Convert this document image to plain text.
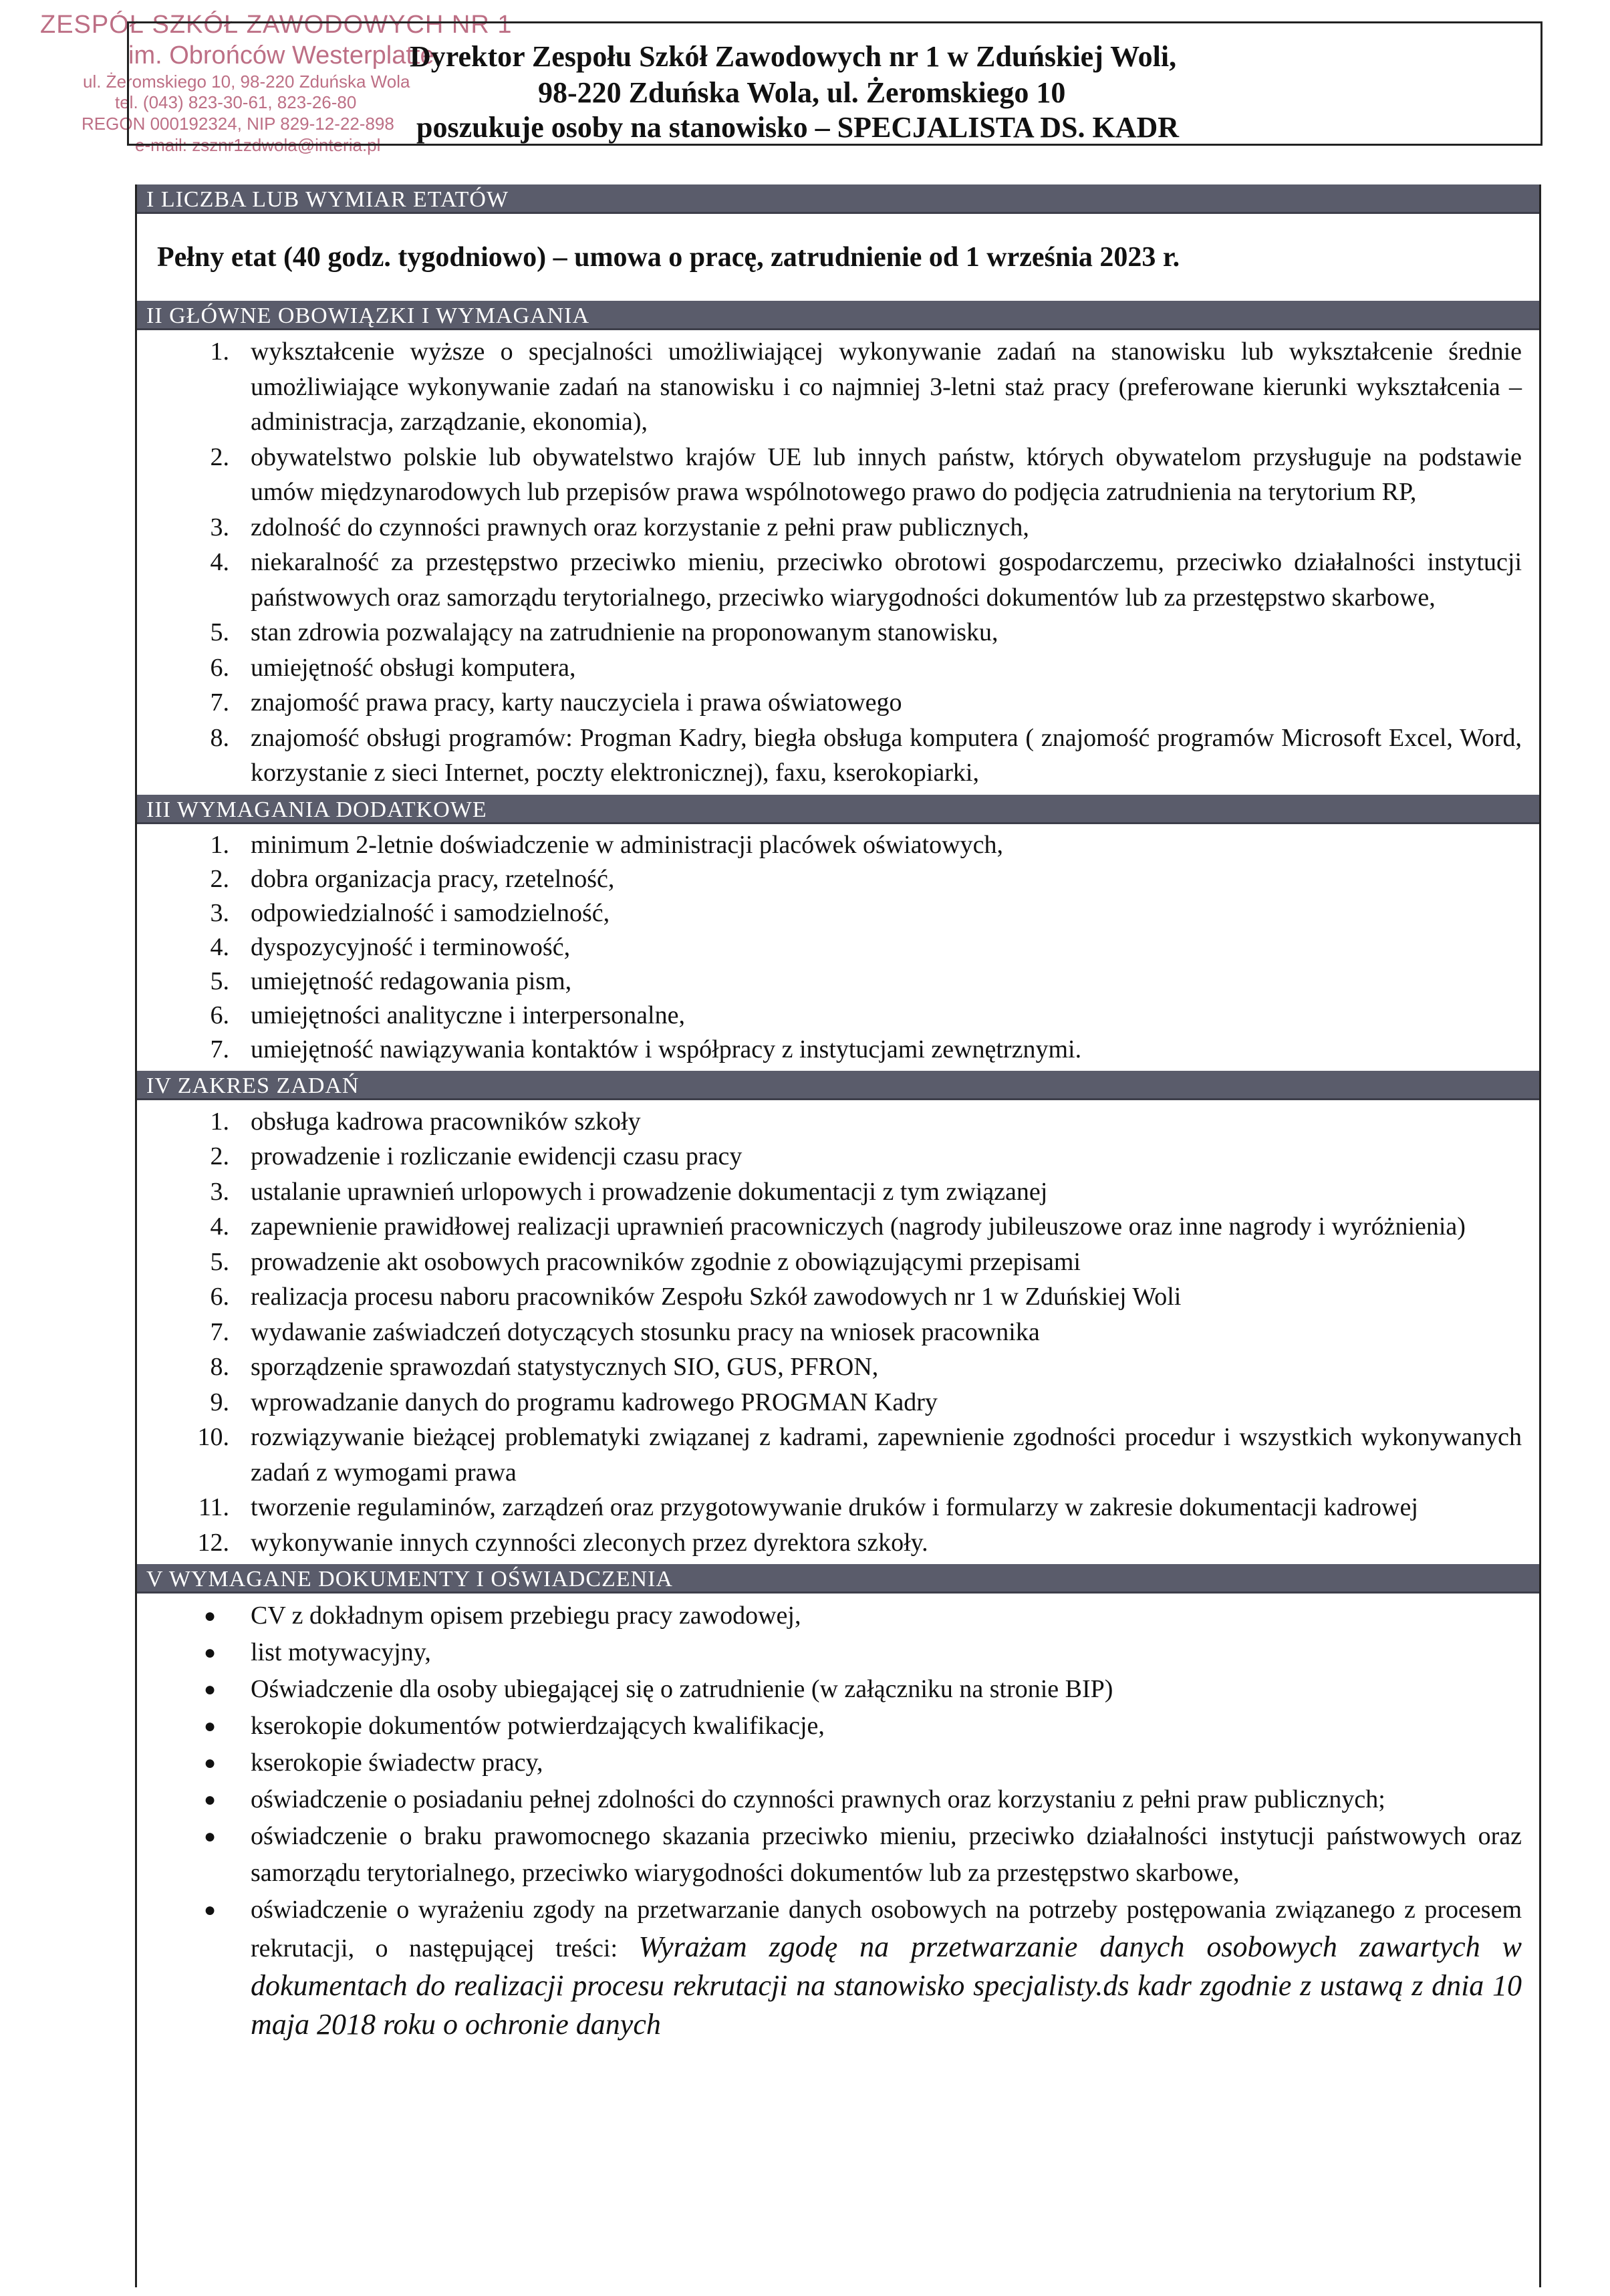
ZESPÓŁ SZKÓŁ ZAWODOWYCH NR 1
im. Obrońców Westerplatte
ul. Żeromskiego 10, 98-220 Zduńska Wola
tel. (043) 823-30-61, 823-26-80
REGON 000192324, NIP 829-12-22-898
e-mail: zsznr1zdwola@interia.pl
Dyrektor Zespołu Szkół Zawodowych nr 1 w Zduńskiej Woli,
98-220 Zduńska Wola, ul. Żeromskiego 10
poszukuje osoby na stanowisko – SPECJALISTA DS. KADR
I LICZBA LUB WYMIAR ETATÓW
Pełny etat (40 godz. tygodniowo) – umowa o pracę, zatrudnienie od 1 września 2023 r.
II GŁÓWNE OBOWIĄZKI I WYMAGANIA
1. wykształcenie wyższe o specjalności umożliwiającej wykonywanie zadań na stanowisku lub wykształcenie średnie umożliwiające wykonywanie zadań na stanowisku i co najmniej 3-letni staż pracy (preferowane kierunki wykształcenia – administracja, zarządzanie, ekonomia),
2. obywatelstwo polskie lub obywatelstwo krajów UE lub innych państw, których obywatelom przysługuje na podstawie umów międzynarodowych lub przepisów prawa wspólnotowego prawo do podjęcia zatrudnienia na terytorium RP,
3. zdolność do czynności prawnych oraz korzystanie z pełni praw publicznych,
4. niekaralność za przestępstwo przeciwko mieniu, przeciwko obrotowi gospodarczemu, przeciwko działalności instytucji państwowych oraz samorządu terytorialnego, przeciwko wiarygodności dokumentów lub za przestępstwo skarbowe,
5. stan zdrowia pozwalający na zatrudnienie na proponowanym stanowisku,
6. umiejętność obsługi komputera,
7. znajomość prawa pracy, karty nauczyciela i prawa oświatowego
8. znajomość obsługi programów: Progman Kadry, biegła obsługa komputera ( znajomość programów Microsoft Excel, Word, korzystanie z sieci Internet, poczty elektronicznej), faxu, kserokopiarki,
III WYMAGANIA DODATKOWE
1. minimum 2-letnie doświadczenie w administracji placówek oświatowych,
2. dobra organizacja pracy, rzetelność,
3. odpowiedzialność i samodzielność,
4. dyspozycyjność i terminowość,
5. umiejętność redagowania pism,
6. umiejętności analityczne i interpersonalne,
7. umiejętność nawiązywania kontaktów i współpracy z instytucjami zewnętrznymi.
IV ZAKRES ZADAŃ
1. obsługa kadrowa pracowników szkoły
2. prowadzenie i rozliczanie ewidencji czasu pracy
3. ustalanie uprawnień urlopowych i prowadzenie dokumentacji z tym związanej
4. zapewnienie prawidłowej realizacji uprawnień pracowniczych (nagrody jubileuszowe oraz inne nagrody i wyróżnienia)
5. prowadzenie akt osobowych pracowników zgodnie z obowiązującymi przepisami
6. realizacja procesu naboru pracowników Zespołu Szkół zawodowych nr 1 w Zduńskiej Woli
7. wydawanie zaświadczeń dotyczących stosunku pracy na wniosek pracownika
8. sporządzenie sprawozdań statystycznych SIO, GUS, PFRON,
9. wprowadzanie danych do programu kadrowego PROGMAN Kadry
10. rozwiązywanie bieżącej problematyki związanej z kadrami, zapewnienie zgodności procedur i wszystkich wykonywanych zadań z wymogami prawa
11. tworzenie regulaminów, zarządzeń oraz przygotowywanie druków i formularzy w zakresie dokumentacji kadrowej
12. wykonywanie innych czynności zleconych przez dyrektora szkoły.
V WYMAGANE DOKUMENTY I OŚWIADCZENIA
● CV z dokładnym opisem przebiegu pracy zawodowej,
● list motywacyjny,
● Oświadczenie dla osoby ubiegającej się o zatrudnienie (w załączniku na stronie BIP)
● kserokopie dokumentów potwierdzających kwalifikacje,
● kserokopie świadectw pracy,
● oświadczenie o posiadaniu pełnej zdolności do czynności prawnych oraz korzystaniu z pełni praw publicznych;
● oświadczenie o braku prawomocnego skazania przeciwko mieniu, przeciwko działalności instytucji państwowych oraz samorządu terytorialnego, przeciwko wiarygodności dokumentów lub za przestępstwo skarbowe,
● oświadczenie o wyrażeniu zgody na przetwarzanie danych osobowych na potrzeby postępowania związanego z procesem rekrutacji, o następującej treści: Wyrażam zgodę na przetwarzanie danych osobowych zawartych w dokumentach do realizacji procesu rekrutacji na stanowisko specjalisty.ds kadr zgodnie z ustawą z dnia 10 maja 2018 roku o ochronie danych
